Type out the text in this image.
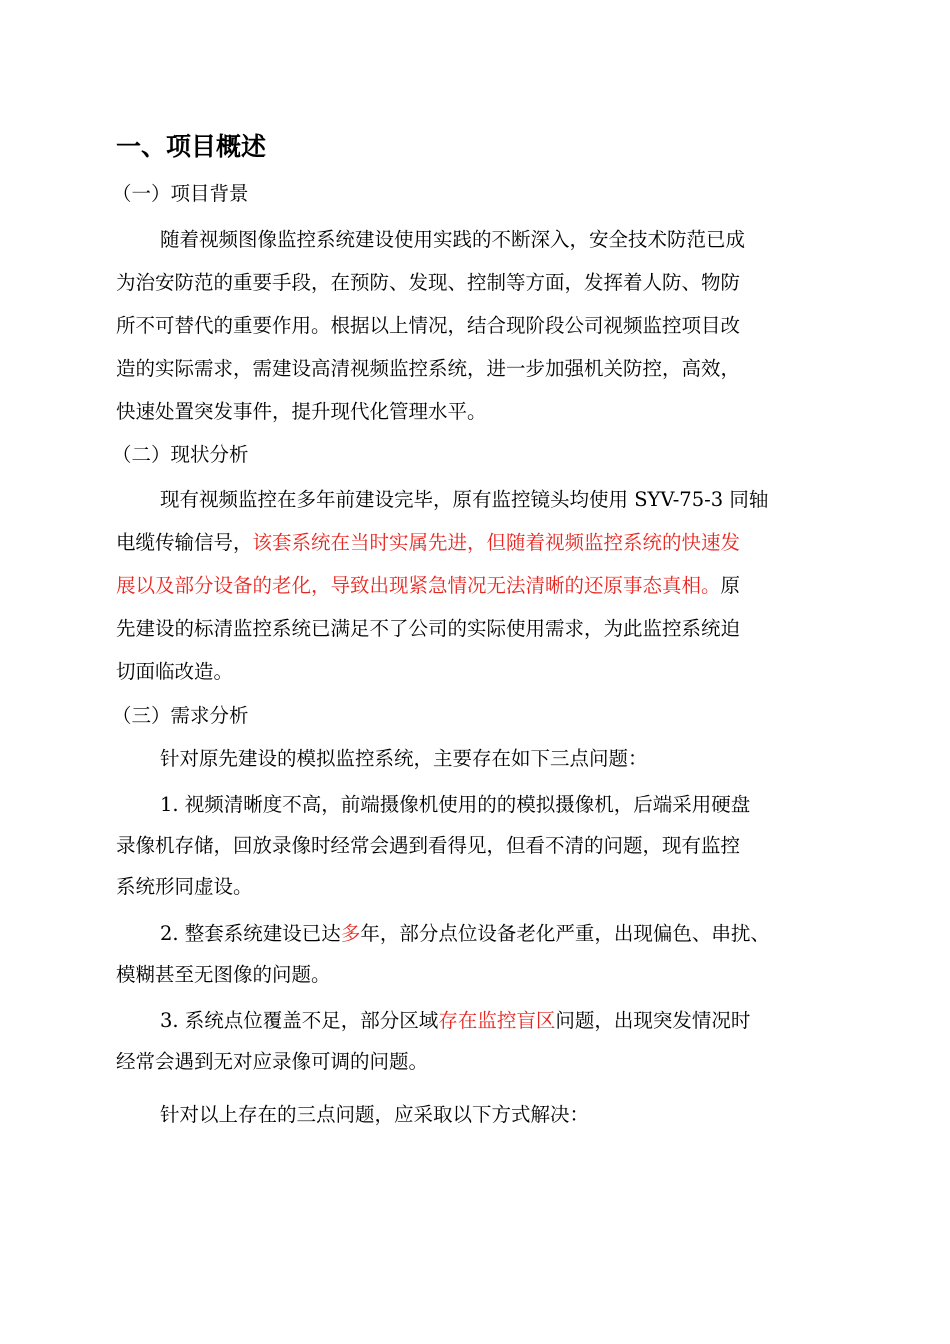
一、项目概述
（一）项目背景
随着视频图像监控系统建设使用实践的不断深入，安全技术防范已成
为治安防范的重要手段，在预防、发现、控制等方面，发挥着人防、物防
所不可替代的重要作用。根据以上情况，结合现阶段公司视频监控项目改
造的实际需求，需建设高清视频监控系统，进一步加强机关防控，高效，
快速处置突发事件，提升现代化管理水平。
（二）现状分析
现有视频监控在多年前建设完毕，原有监控镜头均使用 SYV-75-3 同轴
电缆传输信号，该套系统在当时实属先进，但随着视频监控系统的快速发
展以及部分设备的老化，导致出现紧急情况无法清晰的还原事态真相。原
先建设的标清监控系统已满足不了公司的实际使用需求，为此监控系统迫
切面临改造。
（三）需求分析
针对原先建设的模拟监控系统，主要存在如下三点问题：
1. 视频清晰度不高，前端摄像机使用的的模拟摄像机，后端采用硬盘
录像机存储，回放录像时经常会遇到看得见，但看不清的问题，现有监控
系统形同虚设。
2. 整套系统建设已达多年，部分点位设备老化严重，出现偏色、串扰、
模糊甚至无图像的问题。
3. 系统点位覆盖不足，部分区域存在监控盲区问题，出现突发情况时
经常会遇到无对应录像可调的问题。
针对以上存在的三点问题，应采取以下方式解决：
